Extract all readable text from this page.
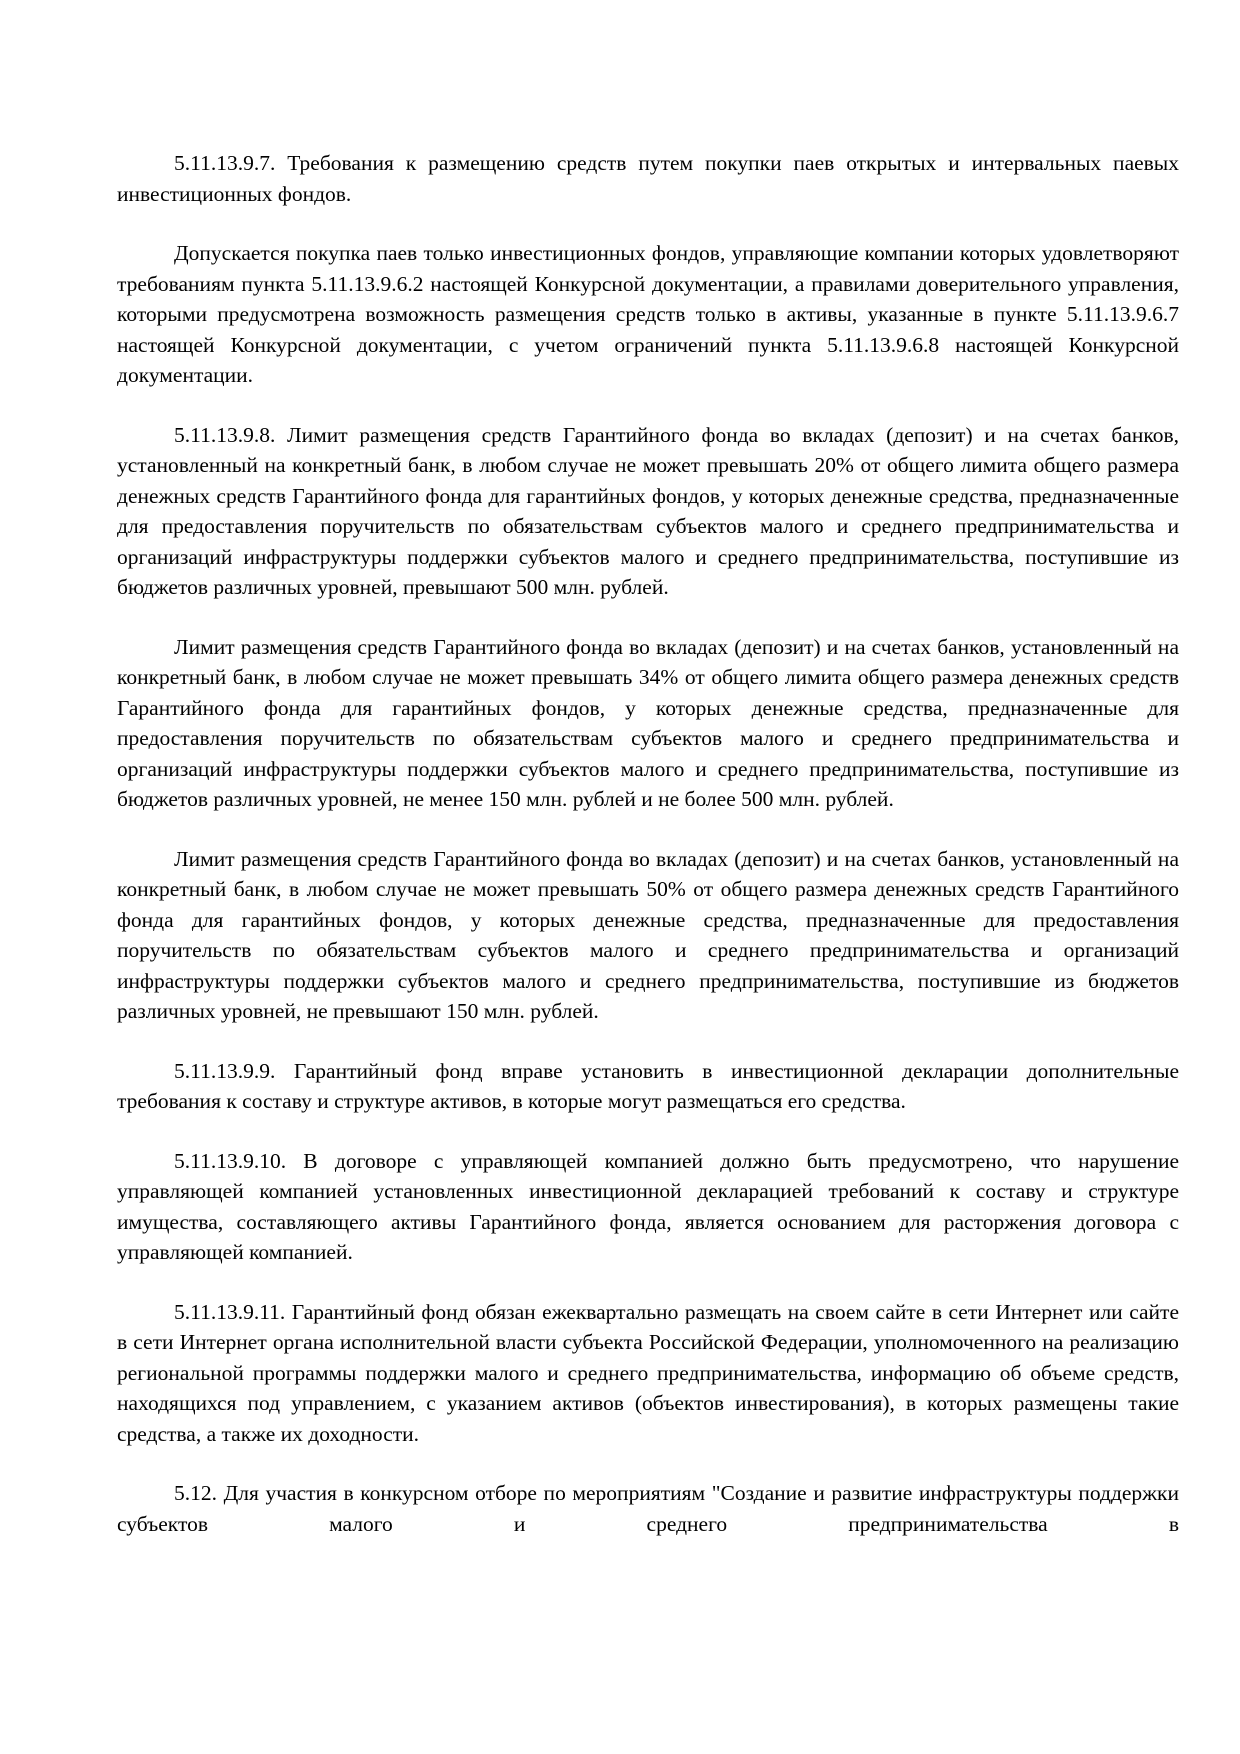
5.11.13.9.7. Требования к размещению средств путем покупки паев открытых и интервальных паевых инвестиционных фондов.

Допускается покупка паев только инвестиционных фондов, управляющие компании которых удовлетворяют требованиям пункта 5.11.13.9.6.2 настоящей Конкурсной документации, а правилами доверительного управления, которыми предусмотрена возможность размещения средств только в активы, указанные в пункте 5.11.13.9.6.7 настоящей Конкурсной документации, с учетом ограничений пункта 5.11.13.9.6.8 настоящей Конкурсной документации.

5.11.13.9.8. Лимит размещения средств Гарантийного фонда во вкладах (депозит) и на счетах банков, установленный на конкретный банк, в любом случае не может превышать 20% от общего лимита общего размера денежных средств Гарантийного фонда для гарантийных фондов, у которых денежные средства, предназначенные для предоставления поручительств по обязательствам субъектов малого и среднего предпринимательства и организаций инфраструктуры поддержки субъектов малого и среднего предпринимательства, поступившие из бюджетов различных уровней, превышают 500 млн. рублей.

Лимит размещения средств Гарантийного фонда во вкладах (депозит) и на счетах банков, установленный на конкретный банк, в любом случае не может превышать 34% от общего лимита общего размера денежных средств Гарантийного фонда для гарантийных фондов, у которых денежные средства, предназначенные для предоставления поручительств по обязательствам субъектов малого и среднего предпринимательства и организаций инфраструктуры поддержки субъектов малого и среднего предпринимательства, поступившие из бюджетов различных уровней, не менее 150 млн. рублей и не более 500 млн. рублей.

Лимит размещения средств Гарантийного фонда во вкладах (депозит) и на счетах банков, установленный на конкретный банк, в любом случае не может превышать 50% от общего размера денежных средств Гарантийного фонда для гарантийных фондов, у которых денежные средства, предназначенные для предоставления поручительств по обязательствам субъектов малого и среднего предпринимательства и организаций инфраструктуры поддержки субъектов малого и среднего предпринимательства, поступившие из бюджетов различных уровней, не превышают 150 млн. рублей.

5.11.13.9.9. Гарантийный фонд вправе установить в инвестиционной декларации дополнительные требования к составу и структуре активов, в которые могут размещаться его средства.

5.11.13.9.10. В договоре с управляющей компанией должно быть предусмотрено, что нарушение управляющей компанией установленных инвестиционной декларацией требований к составу и структуре имущества, составляющего активы Гарантийного фонда, является основанием для расторжения договора с управляющей компанией.

5.11.13.9.11. Гарантийный фонд обязан ежеквартально размещать на своем сайте в сети Интернет или сайте в сети Интернет органа исполнительной власти субъекта Российской Федерации, уполномоченного на реализацию региональной программы поддержки малого и среднего предпринимательства, информацию об объеме средств, находящихся под управлением, с указанием активов (объектов инвестирования), в которых размещены такие средства, а также их доходности.

5.12. Для участия в конкурсном отборе по мероприятиям "Создание и развитие инфраструктуры поддержки субъектов малого и среднего предпринимательства в
